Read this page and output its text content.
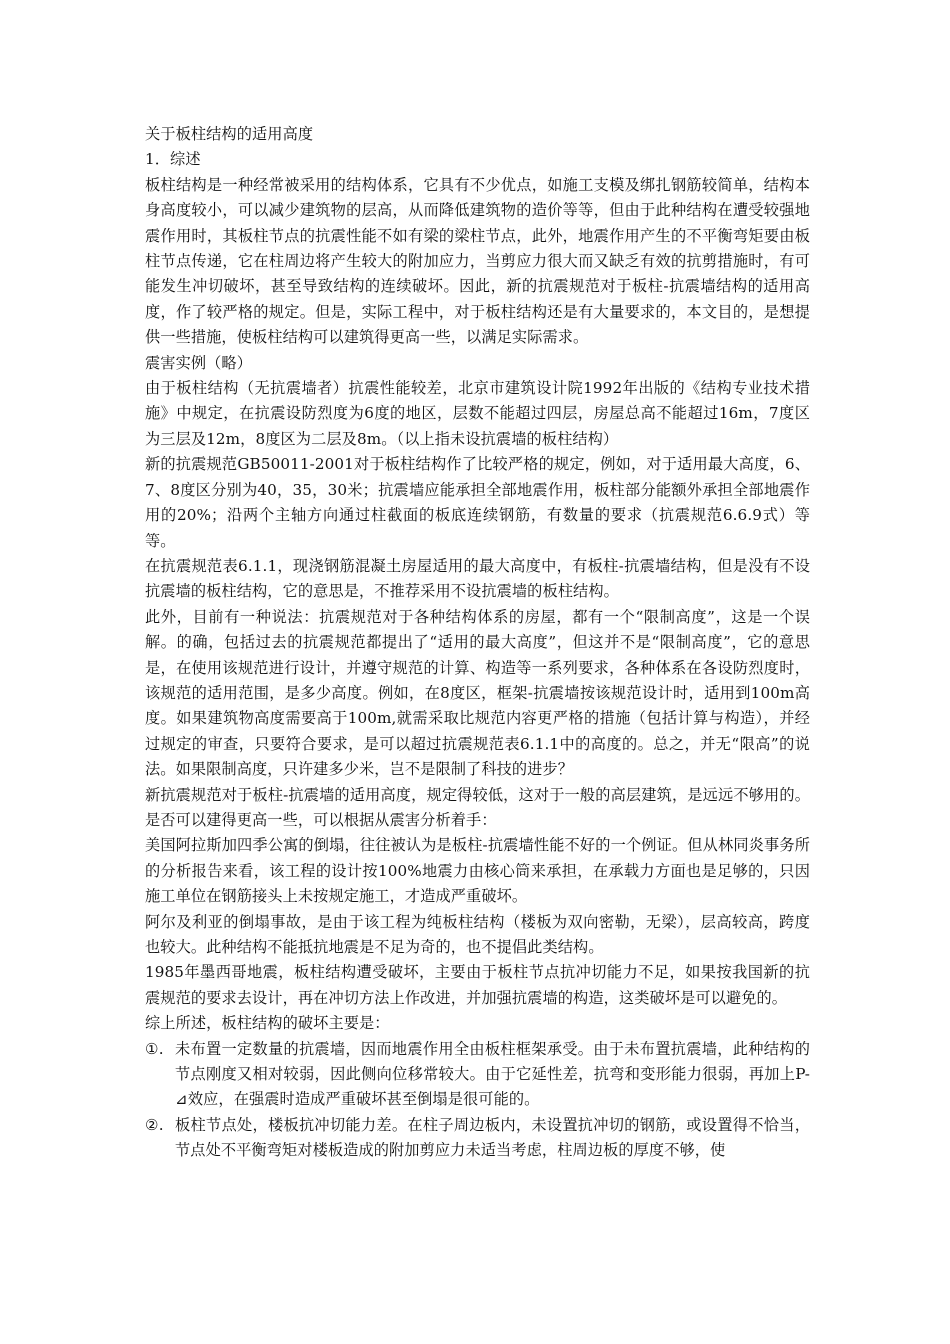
关于板柱结构的适用高度

1．综述

板柱结构是一种经常被采用的结构体系，它具有不少优点，如施工支模及绑扎钢筋较简单，结构本身高度较小，可以减少建筑物的层高，从而降低建筑物的造价等等，但由于此种结构在遭受较强地震作用时，其板柱节点的抗震性能不如有梁的梁柱节点，此外，地震作用产生的不平衡弯矩要由板柱节点传递，它在柱周边将产生较大的附加应力，当剪应力很大而又缺乏有效的抗剪措施时，有可能发生冲切破坏，甚至导致结构的连续破坏。因此，新的抗震规范对于板柱-抗震墙结构的适用高度，作了较严格的规定。但是，实际工程中，对于板柱结构还是有大量要求的，本文目的，是想提供一些措施，使板柱结构可以建筑得更高一些，以满足实际需求。

震害实例（略）

由于板柱结构（无抗震墙者）抗震性能较差，北京市建筑设计院1992年出版的《结构专业技术措施》中规定，在抗震设防烈度为6度的地区，层数不能超过四层，房屋总高不能超过16m，7度区为三层及12m，8度区为二层及8m。（以上指未设抗震墙的板柱结构）

新的抗震规范GB50011-2001对于板柱结构作了比较严格的规定，例如，对于适用最大高度，6、7、8度区分别为40，35，30米；抗震墙应能承担全部地震作用，板柱部分能额外承担全部地震作用的20%；沿两个主轴方向通过柱截面的板底连续钢筋，有数量的要求（抗震规范6.6.9式）等等。

在抗震规范表6.1.1，现浇钢筋混凝土房屋适用的最大高度中，有板柱-抗震墙结构，但是没有不设抗震墙的板柱结构，它的意思是，不推荐采用不设抗震墙的板柱结构。

此外，目前有一种说法：抗震规范对于各种结构体系的房屋，都有一个“限制高度”，这是一个误解。的确，包括过去的抗震规范都提出了“适用的最大高度”，但这并不是“限制高度”，它的意思是，在使用该规范进行设计，并遵守规范的计算、构造等一系列要求，各种体系在各设防烈度时，该规范的适用范围，是多少高度。例如，在8度区，框架-抗震墙按该规范设计时，适用到100m高度。如果建筑物高度需要高于100m,就需采取比规范内容更严格的措施（包括计算与构造），并经过规定的审查，只要符合要求，是可以超过抗震规范表6.1.1中的高度的。总之，并无“限高”的说法。如果限制高度，只许建多少米，岂不是限制了科技的进步？

新抗震规范对于板柱-抗震墙的适用高度，规定得较低，这对于一般的高层建筑，是远远不够用的。是否可以建得更高一些，可以根据从震害分析着手：

美国阿拉斯加四季公寓的倒塌，往往被认为是板柱-抗震墙性能不好的一个例证。但从林同炎事务所的分析报告来看，该工程的设计按100%地震力由核心筒来承担，在承载力方面也是足够的，只因施工单位在钢筋接头上未按规定施工，才造成严重破坏。

阿尔及利亚的倒塌事故，是由于该工程为纯板柱结构（楼板为双向密勒，无梁），层高较高，跨度也较大。此种结构不能抵抗地震是不足为奇的，也不提倡此类结构。

1985年墨西哥地震，板柱结构遭受破坏，主要由于板柱节点抗冲切能力不足，如果按我国新的抗震规范的要求去设计，再在冲切方法上作改进，并加强抗震墙的构造，这类破坏是可以避免的。

综上所述，板柱结构的破坏主要是：

①. 未布置一定数量的抗震墙，因而地震作用全由板柱框架承受。由于未布置抗震墙，此种结构的节点刚度又相对较弱，因此侧向位移常较大。由于它延性差，抗弯和变形能力很弱，再加上P-⊿效应，在强震时造成严重破坏甚至倒塌是很可能的。
②. 板柱节点处，楼板抗冲切能力差。在柱子周边板内，未设置抗冲切的钢筋，或设置得不恰当，节点处不平衡弯矩对楼板造成的附加剪应力未适当考虑，柱周边板的厚度不够，使
